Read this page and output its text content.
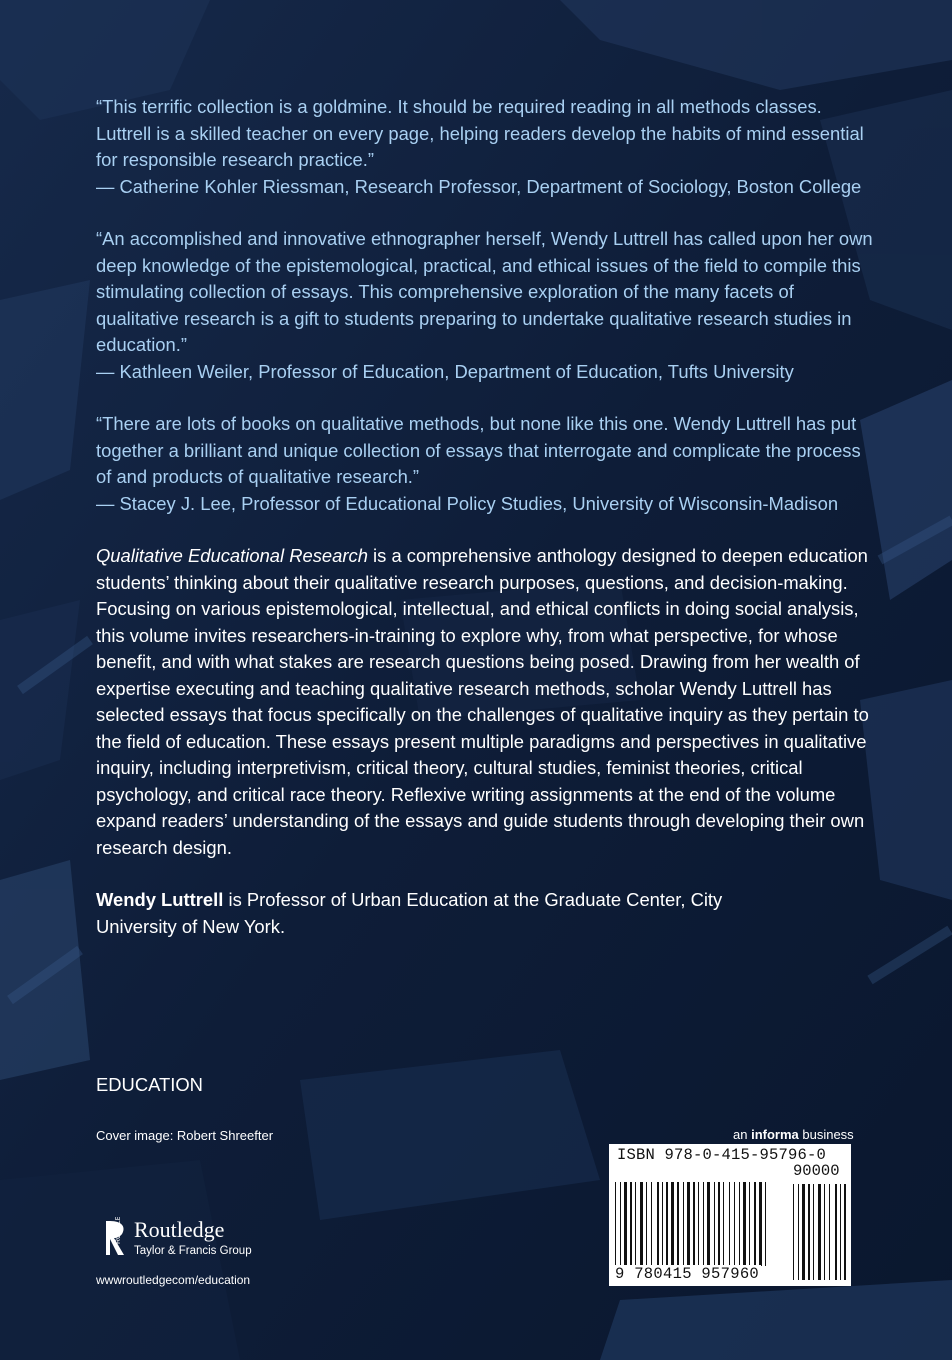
“This terrific collection is a goldmine. It should be required reading in all methods classes. Luttrell is a skilled teacher on every page, helping readers develop the habits of mind essential for responsible research practice.”
— Catherine Kohler Riessman, Research Professor, Department of Sociology, Boston College
“An accomplished and innovative ethnographer herself, Wendy Luttrell has called upon her own deep knowledge of the epistemological, practical, and ethical issues of the field to compile this stimulating collection of essays. This comprehensive exploration of the many facets of qualitative research is a gift to students preparing to undertake qualitative research studies in education.”
— Kathleen Weiler, Professor of Education, Department of Education, Tufts University
“There are lots of books on qualitative methods, but none like this one. Wendy Luttrell has put together a brilliant and unique collection of essays that interrogate and complicate the process of and products of qualitative research.”
— Stacey J. Lee, Professor of Educational Policy Studies, University of Wisconsin-Madison
Qualitative Educational Research is a comprehensive anthology designed to deepen education students’ thinking about their qualitative research purposes, questions, and decision-making. Focusing on various epistemological, intellectual, and ethical conflicts in doing social analysis, this volume invites researchers-in-training to explore why, from what perspective, for whose benefit, and with what stakes are research questions being posed. Drawing from her wealth of expertise executing and teaching qualitative research methods, scholar Wendy Luttrell has selected essays that focus specifically on the challenges of qualitative inquiry as they pertain to the field of education. These essays present multiple paradigms and perspectives in qualitative inquiry, including interpretivism, critical theory, cultural studies, feminist theories, critical psychology, and critical race theory. Reflexive writing assignments at the end of the volume expand readers’ understanding of the essays and guide students through developing their own research design.
Wendy Luttrell is Professor of Urban Education at the Graduate Center, City University of New York.
EDUCATION
Cover image: Robert Shreefter	an informa business
ISBN 978-0-415-95796-0
90000
9 780415 957960
Routledge
Taylor & Francis Group
wwwroutledgecom/education
